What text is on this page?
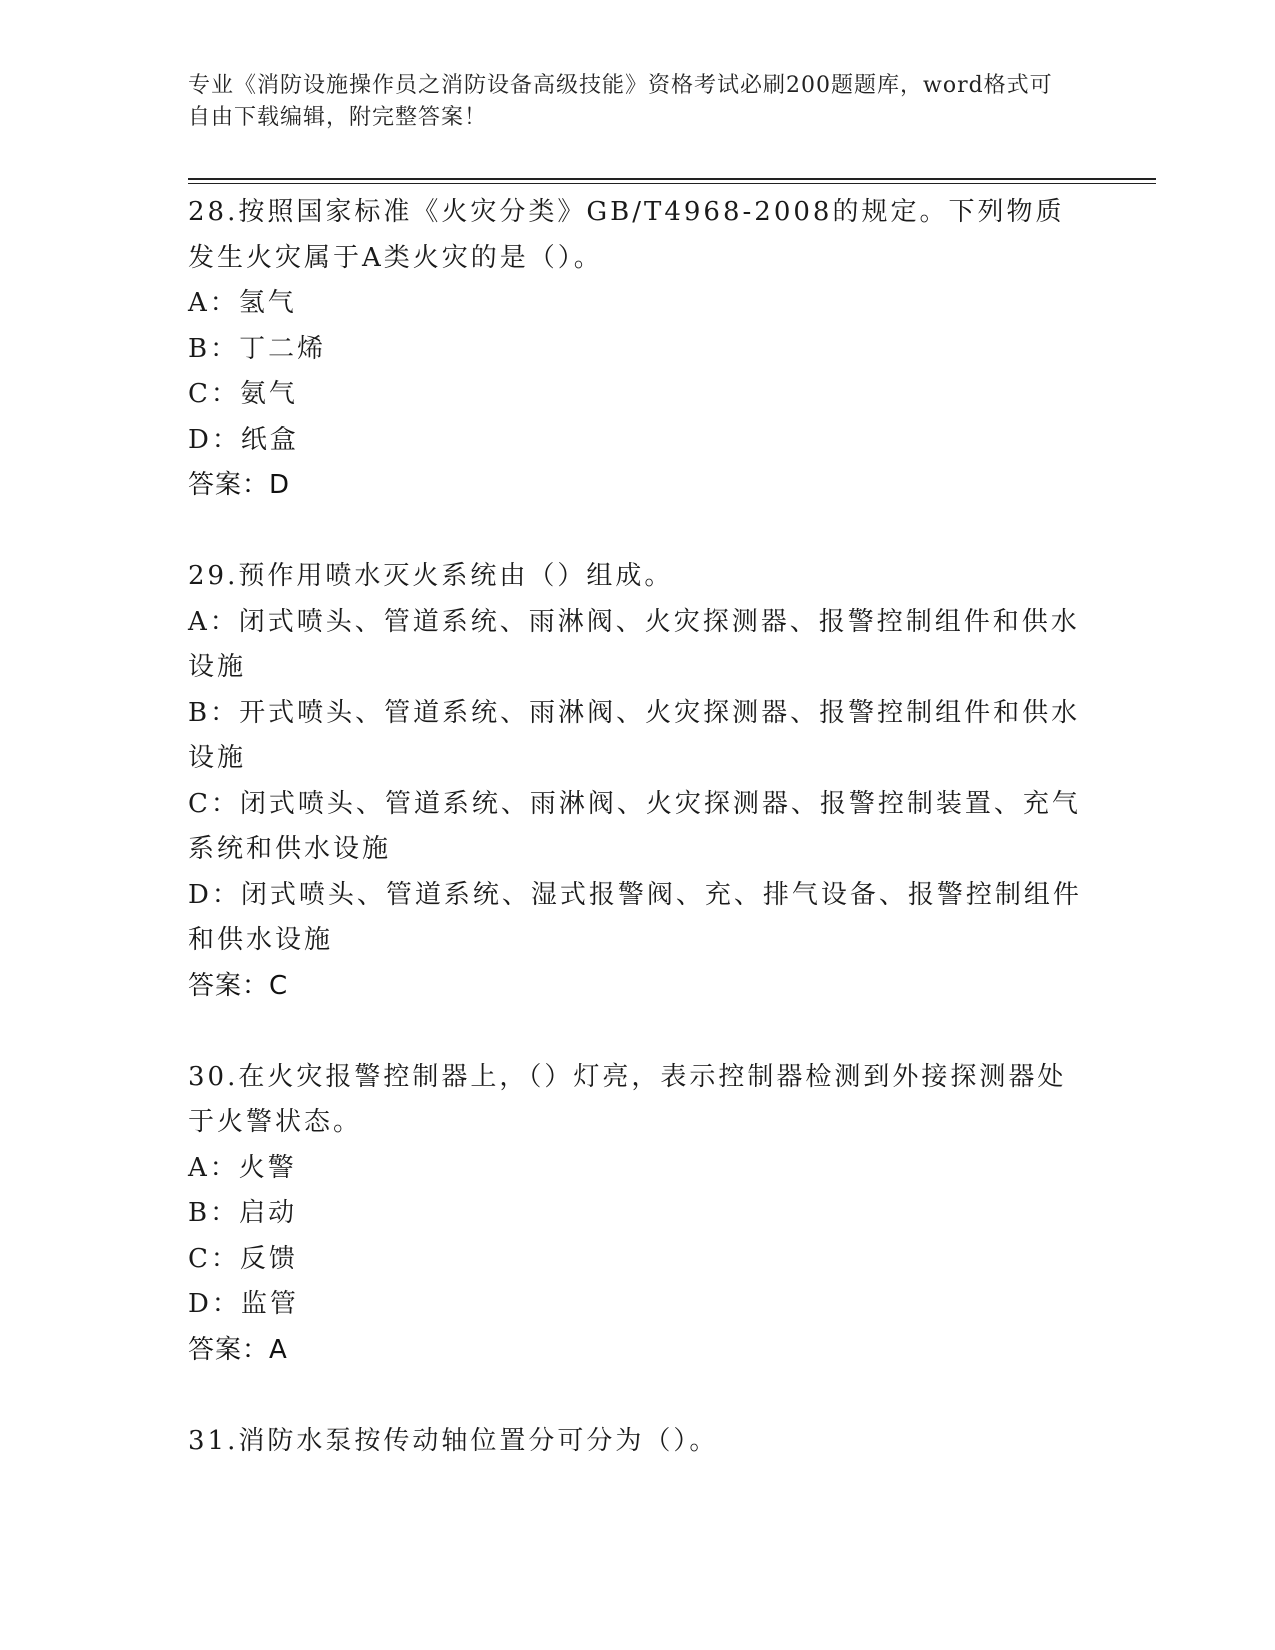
专业《消防设施操作员之消防设备高级技能》资格考试必刷200题题库，word格式可自由下载编辑，附完整答案！

28.按照国家标准《火灾分类》GB/T4968-2008的规定。下列物质发生火灾属于A类火灾的是（）。

A：氢气

B：丁二烯

C：氨气

D：纸盒

答案：D

29.预作用喷水灭火系统由（）组成。

A：闭式喷头、管道系统、雨淋阀、火灾探测器、报警控制组件和供水设施

B：开式喷头、管道系统、雨淋阀、火灾探测器、报警控制组件和供水设施

C：闭式喷头、管道系统、雨淋阀、火灾探测器、报警控制装置、充气系统和供水设施

D：闭式喷头、管道系统、湿式报警阀、充、排气设备、报警控制组件和供水设施

答案：C

30.在火灾报警控制器上，（）灯亮，表示控制器检测到外接探测器处于火警状态。

A：火警

B：启动

C：反馈

D：监管

答案：A

31.消防水泵按传动轴位置分可分为（）。
